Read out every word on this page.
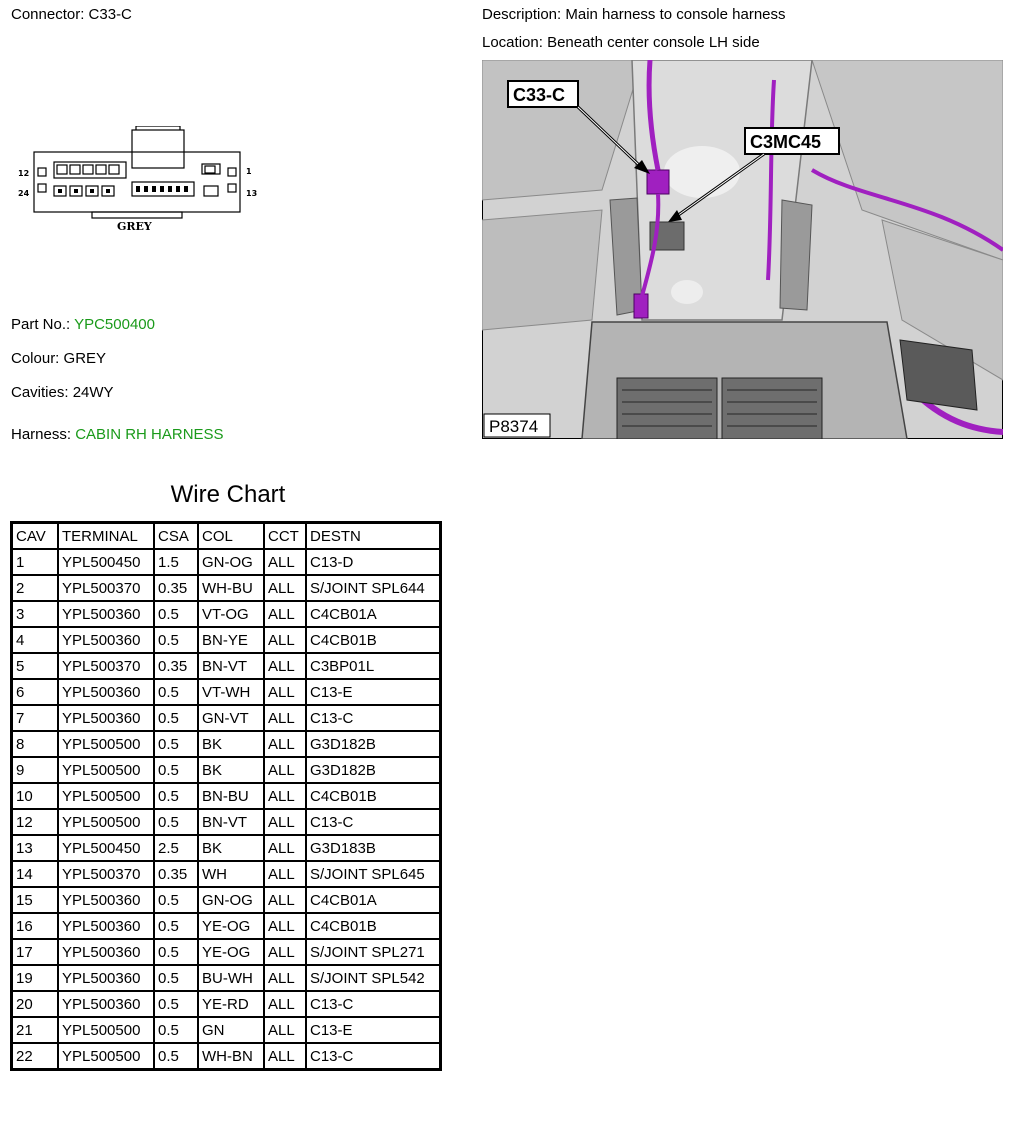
Connector: C33-C	Description: Main harness to console harness
Location: Beneath center console LH side
12
24
1
13
GREY
C33-C
C3MC45
P8374
Part No.: YPC500400
Colour: GREY
Cavities: 24WY
Harness: CABIN RH HARNESS
Wire Chart
CAV	TERMINAL	CSA	COL	CCT	DESTN
1	YPL500450	1.5	GN-OG	ALL	C13-D
2	YPL500370	0.35	WH-BU	ALL	S/JOINT SPL644
3	YPL500360	0.5	VT-OG	ALL	C4CB01A
4	YPL500360	0.5	BN-YE	ALL	C4CB01B
5	YPL500370	0.35	BN-VT	ALL	C3BP01L
6	YPL500360	0.5	VT-WH	ALL	C13-E
7	YPL500360	0.5	GN-VT	ALL	C13-C
8	YPL500500	0.5	BK	ALL	G3D182B
9	YPL500500	0.5	BK	ALL	G3D182B
10	YPL500500	0.5	BN-BU	ALL	C4CB01B
12	YPL500500	0.5	BN-VT	ALL	C13-C
13	YPL500450	2.5	BK	ALL	G3D183B
14	YPL500370	0.35	WH	ALL	S/JOINT SPL645
15	YPL500360	0.5	GN-OG	ALL	C4CB01A
16	YPL500360	0.5	YE-OG	ALL	C4CB01B
17	YPL500360	0.5	YE-OG	ALL	S/JOINT SPL271
19	YPL500360	0.5	BU-WH	ALL	S/JOINT SPL542
20	YPL500360	0.5	YE-RD	ALL	C13-C
21	YPL500500	0.5	GN	ALL	C13-E
22	YPL500500	0.5	WH-BN	ALL	C13-C
